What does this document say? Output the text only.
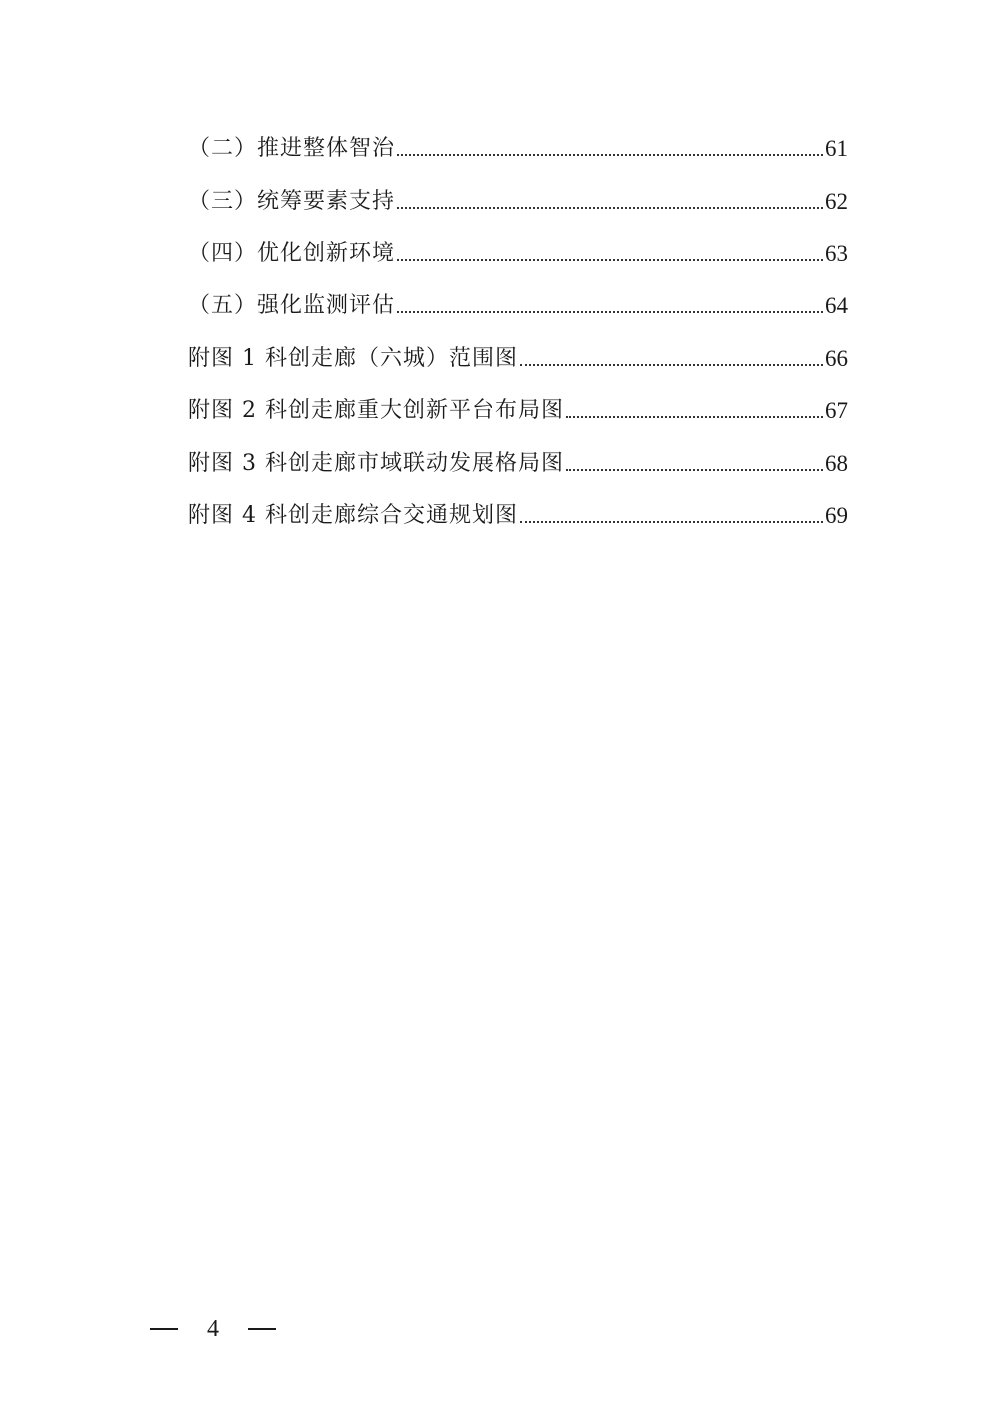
（二）推进整体智治	61
（三）统筹要素支持	62
（四）优化创新环境	63
（五）强化监测评估	64
附图 1 科创走廊（六城）范围图	66
附图 2 科创走廊重大创新平台布局图	67
附图 3 科创走廊市域联动发展格局图	68
附图 4 科创走廊综合交通规划图	69
4
